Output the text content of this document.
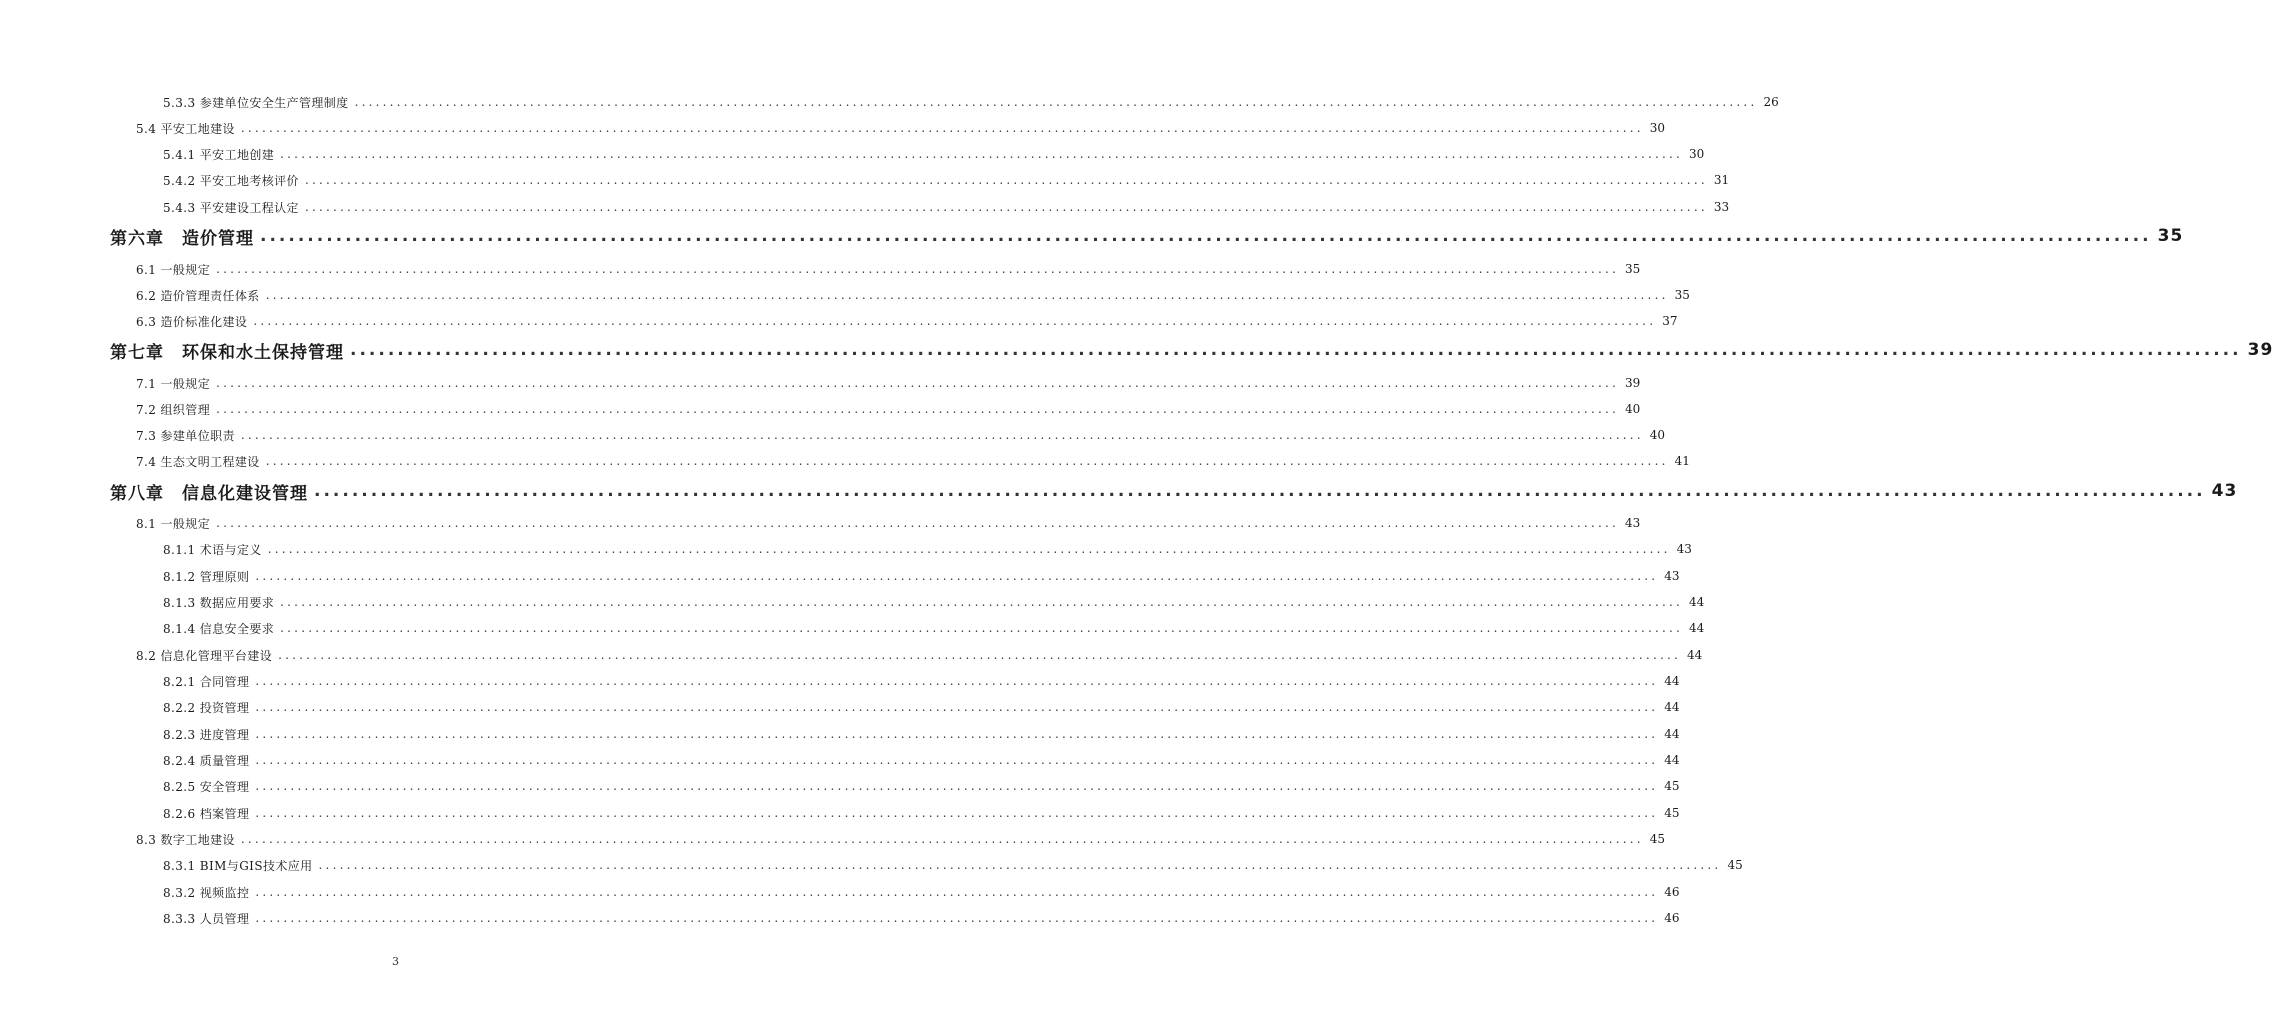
5.3.3 参建单位安全生产管理制度 ........................................................................................................................................................................................................ 26
5.4 平安工地建设 ........................................................................................................................................................................................................ 30
5.4.1 平安工地创建 ........................................................................................................................................................................................................ 30
5.4.2 平安工地考核评价 ........................................................................................................................................................................................................ 31
5.4.3 平安建设工程认定 ........................................................................................................................................................................................................ 33
第六章　造价管理 ........................................................................................................................................................................................................ 35
6.1 一般规定 ........................................................................................................................................................................................................ 35
6.2 造价管理责任体系 ........................................................................................................................................................................................................ 35
6.3 造价标准化建设 ........................................................................................................................................................................................................ 37
第七章　环保和水土保持管理 ........................................................................................................................................................................................................ 39
7.1 一般规定 ........................................................................................................................................................................................................ 39
7.2 组织管理 ........................................................................................................................................................................................................ 40
7.3 参建单位职责 ........................................................................................................................................................................................................ 40
7.4 生态文明工程建设 ........................................................................................................................................................................................................ 41
第八章　信息化建设管理 ........................................................................................................................................................................................................ 43
8.1 一般规定 ........................................................................................................................................................................................................ 43
8.1.1 术语与定义 ........................................................................................................................................................................................................ 43
8.1.2 管理原则 ........................................................................................................................................................................................................ 43
8.1.3 数据应用要求 ........................................................................................................................................................................................................ 44
8.1.4 信息安全要求 ........................................................................................................................................................................................................ 44
8.2 信息化管理平台建设 ........................................................................................................................................................................................................ 44
8.2.1 合同管理 ........................................................................................................................................................................................................ 44
8.2.2 投资管理 ........................................................................................................................................................................................................ 44
8.2.3 进度管理 ........................................................................................................................................................................................................ 44
8.2.4 质量管理 ........................................................................................................................................................................................................ 44
8.2.5 安全管理 ........................................................................................................................................................................................................ 45
8.2.6 档案管理 ........................................................................................................................................................................................................ 45
8.3 数字工地建设 ........................................................................................................................................................................................................ 45
8.3.1 BIM与GIS技术应用 ........................................................................................................................................................................................................ 45
8.3.2 视频监控 ........................................................................................................................................................................................................ 46
8.3.3 人员管理 ........................................................................................................................................................................................................ 46
3
